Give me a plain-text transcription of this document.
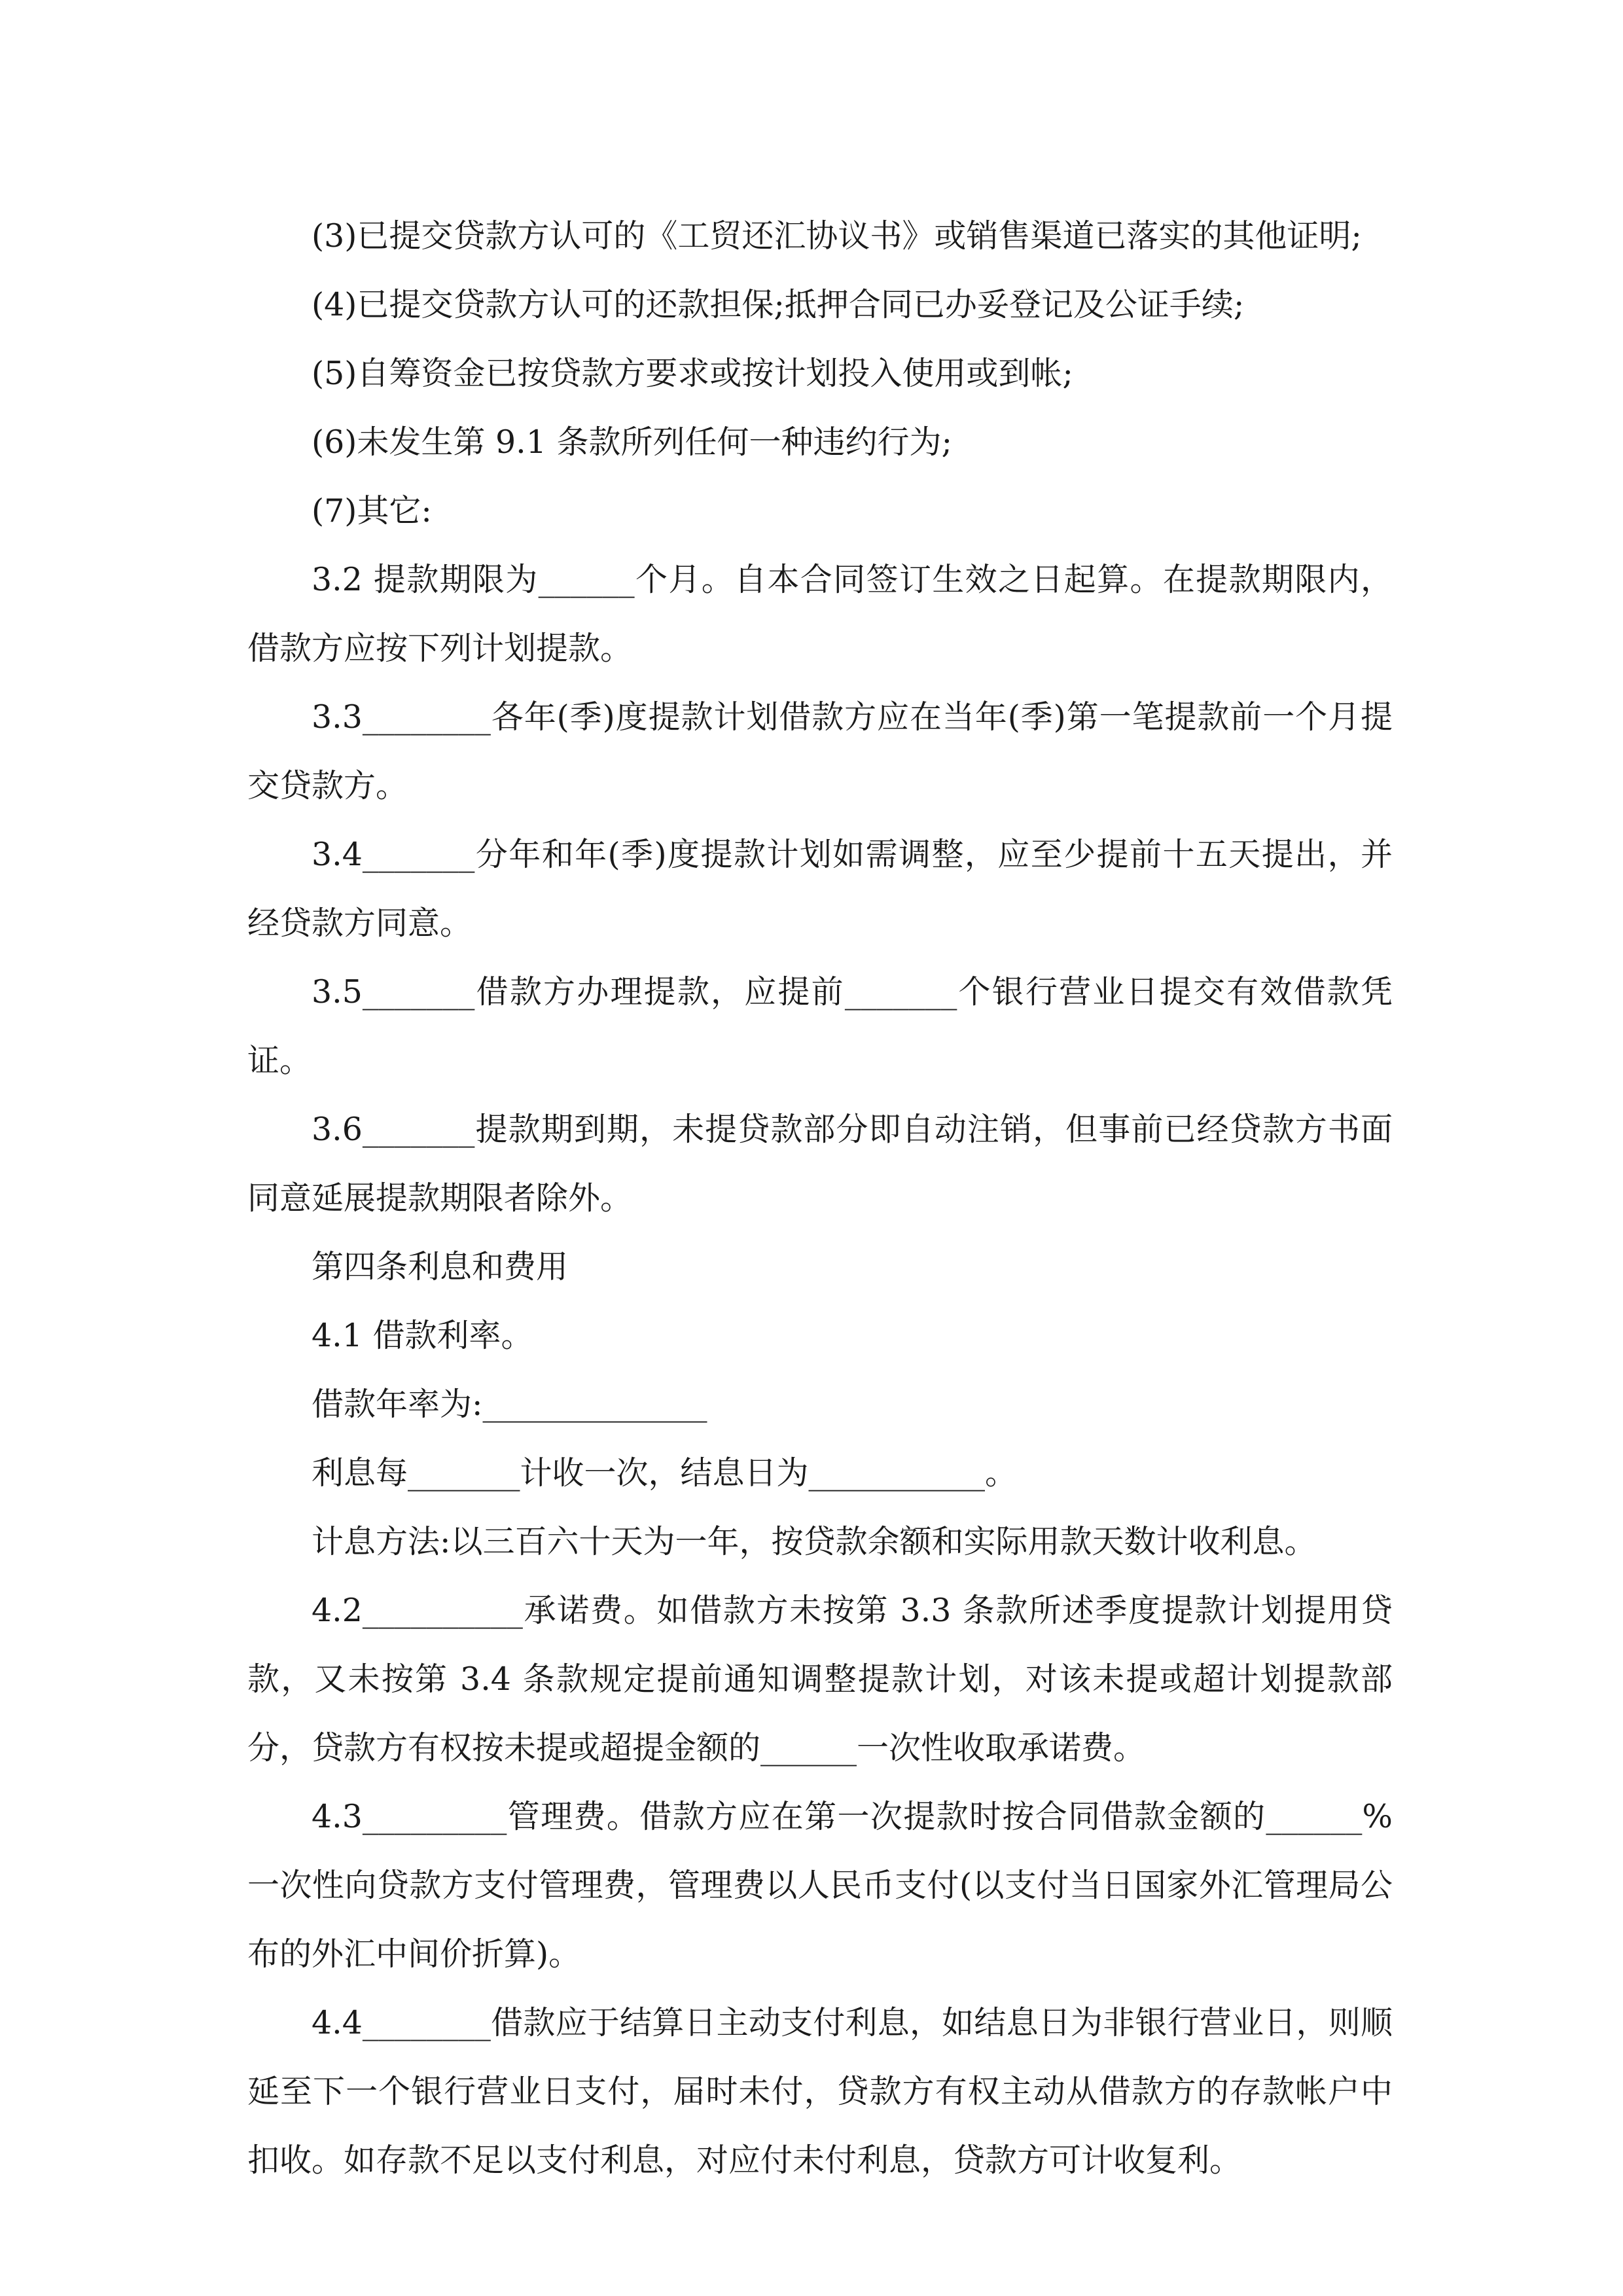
(3)已提交贷款方认可的《工贸还汇协议书》或销售渠道已落实的其他证明;

(4)已提交贷款方认可的还款担保;抵押合同已办妥登记及公证手续;

(5)自筹资金已按贷款方要求或按计划投入使用或到帐;

(6)未发生第 9.1 条款所列任何一种违约行为;

(7)其它:

3.2 提款期限为______个月。自本合同签订生效之日起算。在提款期限内，借款方应按下列计划提款。

3.3________各年(季)度提款计划借款方应在当年(季)第一笔提款前一个月提交贷款方。

3.4_______分年和年(季)度提款计划如需调整，应至少提前十五天提出，并经贷款方同意。

3.5_______借款方办理提款，应提前_______个银行营业日提交有效借款凭证。

3.6_______提款期到期，未提贷款部分即自动注销，但事前已经贷款方书面同意延展提款期限者除外。

第四条利息和费用

4.1 借款利率。

借款年率为:______________

利息每_______计收一次，结息日为___________。

计息方法:以三百六十天为一年，按贷款余额和实际用款天数计收利息。

4.2__________承诺费。如借款方未按第 3.3 条款所述季度提款计划提用贷款，又未按第 3.4 条款规定提前通知调整提款计划，对该未提或超计划提款部分，贷款方有权按未提或超提金额的______一次性收取承诺费。

4.3_________管理费。借款方应在第一次提款时按合同借款金额的______%一次性向贷款方支付管理费，管理费以人民币支付(以支付当日国家外汇管理局公布的外汇中间价折算)。

4.4________借款应于结算日主动支付利息，如结息日为非银行营业日，则顺延至下一个银行营业日支付，届时未付，贷款方有权主动从借款方的存款帐户中扣收。如存款不足以支付利息，对应付未付利息，贷款方可计收复利。
